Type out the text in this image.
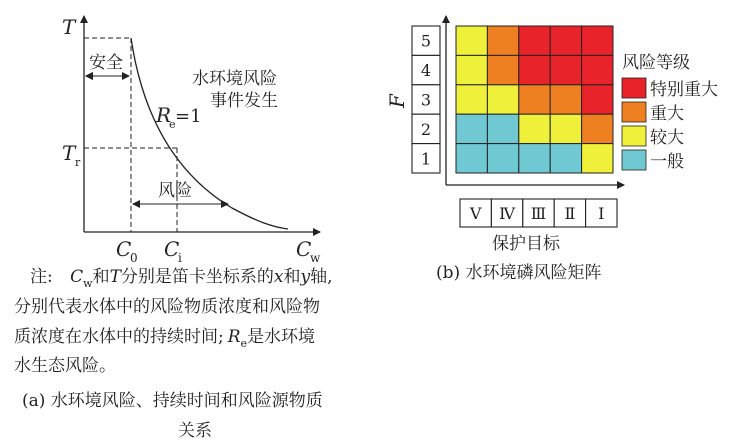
T
T r
C
0 C
i	C
w
安全
风险
水环境风险
事件发生
R
e =1
5
4
3
2
1
Ⅴ Ⅳ Ⅲ Ⅱ Ⅰ
特别重大
重大
较大
一般
F
保护目标
风险等级
注: $C_w$和T分别是笛卡坐标系的x和y轴,
分别代表水体中的风险物质浓度和风险物
质浓度在水体中的持续时间; $R_e$是水环境
水生态风险。
(a) 水环境风险、持续时间和风险源物质
关系
(b) 水环境磷风险矩阵
